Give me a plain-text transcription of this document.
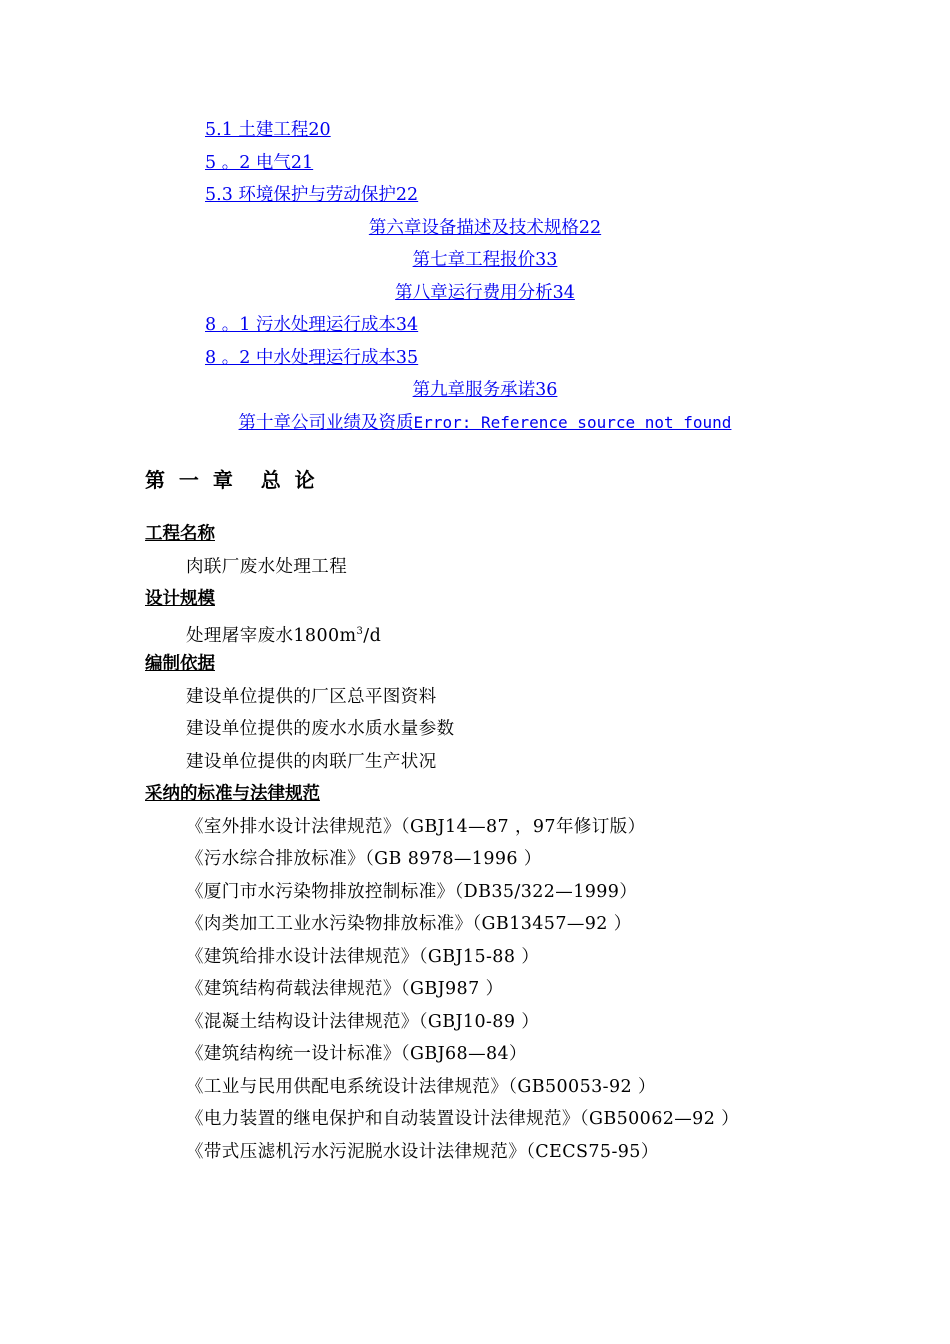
5.1 土建工程20
5 。2 电气21
5.3 环境保护与劳动保护22
第六章设备描述及技术规格22
第七章工程报价33
第八章运行费用分析34
8 。1 污水处理运行成本34
8 。2 中水处理运行成本35
第九章服务承诺36
第十章公司业绩及资质Error: Reference source not found
第  一  章    总  论
工程名称

肉联厂废水处理工程

设计规模

处理屠宰废水$1800m^3/d$

编制依据

建设单位提供的厂区总平图资料

建设单位提供的废水水质水量参数

建设单位提供的肉联厂生产状况

采纳的标准与法律规范

《室外排水设计法律规范》（GBJ14—87 ，97年修订版）

《污水综合排放标准》（GB 8978—1996 ）

《厦门市水污染物排放控制标准》（DB35/322—1999）

《肉类加工工业水污染物排放标准》（GB13457—92 ）

《建筑给排水设计法律规范》（GBJ15-88 ）

《建筑结构荷载法律规范》（GBJ987 ）

《混凝土结构设计法律规范》（GBJ10-89 ）

《建筑结构统一设计标准》（GBJ68—84）

《工业与民用供配电系统设计法律规范》（GB50053-92 ）

《电力装置的继电保护和自动装置设计法律规范》（GB50062—92 ）

《带式压滤机污水污泥脱水设计法律规范》（CECS75-95）
